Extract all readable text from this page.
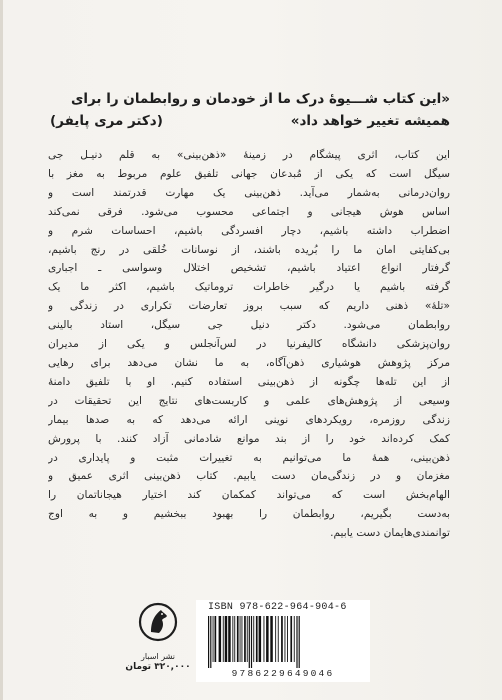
«این کتاب شـــیوهٔ درک ما از خودمان و روابطمان را برای
همیشه تغییر خواهد داد»
(دکتر مری پایفر)
این کتاب، اثری پیشگام در زمینهٔ «ذهن‌بینی» به قلم دنیـل جی
سیگل است که یکی از مُبدعان جهانی تلفیق علوم مربوط به مغز با
روان‌درمانی به‌شمار می‌آید. ذهن‌بینی یک مهارت قدرتمند است و
اساس هوش هیجانی و اجتماعی محسوب می‌شود. فرقی نمی‌کند
اضطراب داشته باشیم، دچار افسردگی باشیم، احساسات شرم و
بی‌کفایتی امان ما را بُریده باشند، از نوسانات خُلقی در رنج باشیم،
گرفتار انواع اعتیاد باشیم، تشخیص اختلال وسواسی ـ اجباری
گرفته باشیم یا درگیر خاطرات تروماتیک باشیم، اکثر ما یک
«تلهٔ» ذهنی داریم که سبب بروز تعارضات تکراری در زندگی و
روابطمان می‌شود. دکتر دنیل جی سیگل، استاد بالینی
روان‌پزشکی دانشگاه کالیفرنیا در لس‌آنجلس و یکی از مدیران
مرکز پژوهش هوشیاری ذهن‌آگاه، به ما نشان می‌دهد برای رهایی
از این تله‌ها چگونه از ذهن‌بینی استفاده کنیم. او با تلفیق دامنهٔ
وسیعی از پژوهش‌های علمی و کاربست‌های نتایج این تحقیقات در
زندگی روزمره، رویکردهای نوینی ارائه می‌دهد که به صدها بیمار
کمک کرده‌اند خود را از بند موانع شادمانی آزاد کنند. با پرورش
ذهن‌بینی، همهٔ ما می‌توانیم به تغییرات مثبت و پایداری در
مغزمان و در زندگی‌مان دست یابیم. کتاب ذهن‌بینی اثری عمیق و
الهام‌بخش است که می‌تواند کمکمان کند اختیار هیجاناتمان را
به‌دست بگیریم، روابطمان را بهبود ببخشیم و به اوج
توانمندی‌هایمان دست یابیم.
نشر اسبار
۳۲۰,۰۰۰ تومان
ISBN 978-622-964-904-6
9786229649046
